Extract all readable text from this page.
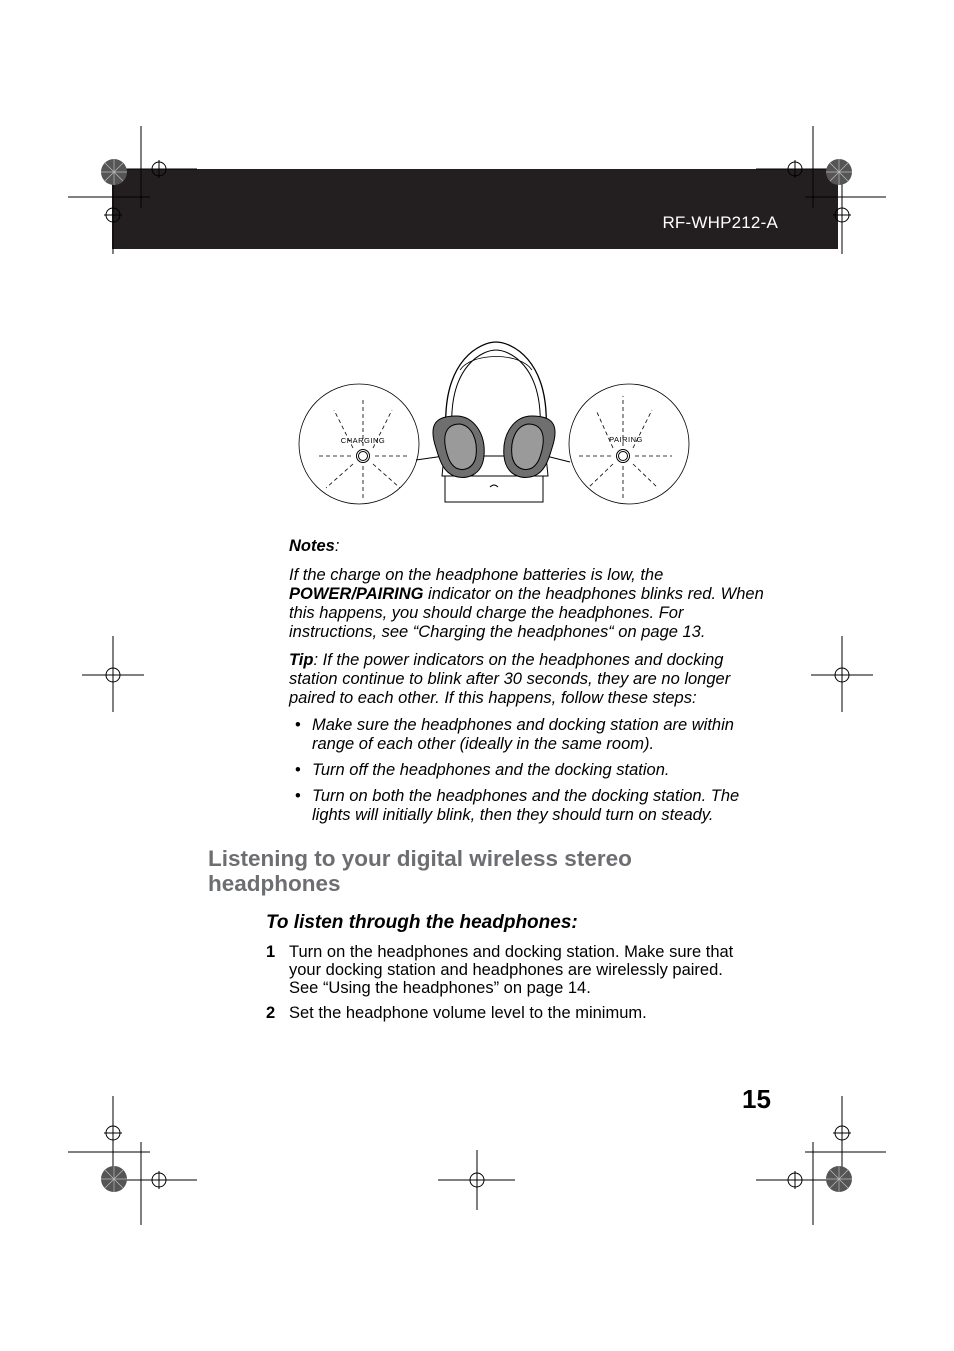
RF-WHP212-A
CHARGING	PAIRING
Notes:
If the charge on the headphone batteries is low, the POWER/PAIRING indicator on the headphones blinks red. When this happens, you should charge the headphones. For instructions, see “Charging the headphones“ on page 13.
Tip: If the power indicators on the headphones and docking station continue to blink after 30 seconds, they are no longer paired to each other. If this happens, follow these steps:
• Make sure the headphones and docking station are within range of each other (ideally in the same room).
• Turn off the headphones and the docking station.
• Turn on both the headphones and the docking station. The lights will initially blink, then they should turn on steady.
Listening to your digital wireless stereo headphones
To listen through the headphones:
1 Turn on the headphones and docking station. Make sure that your docking station and headphones are wirelessly paired. See “Using the headphones” on page 14.
2 Set the headphone volume level to the minimum.
15
